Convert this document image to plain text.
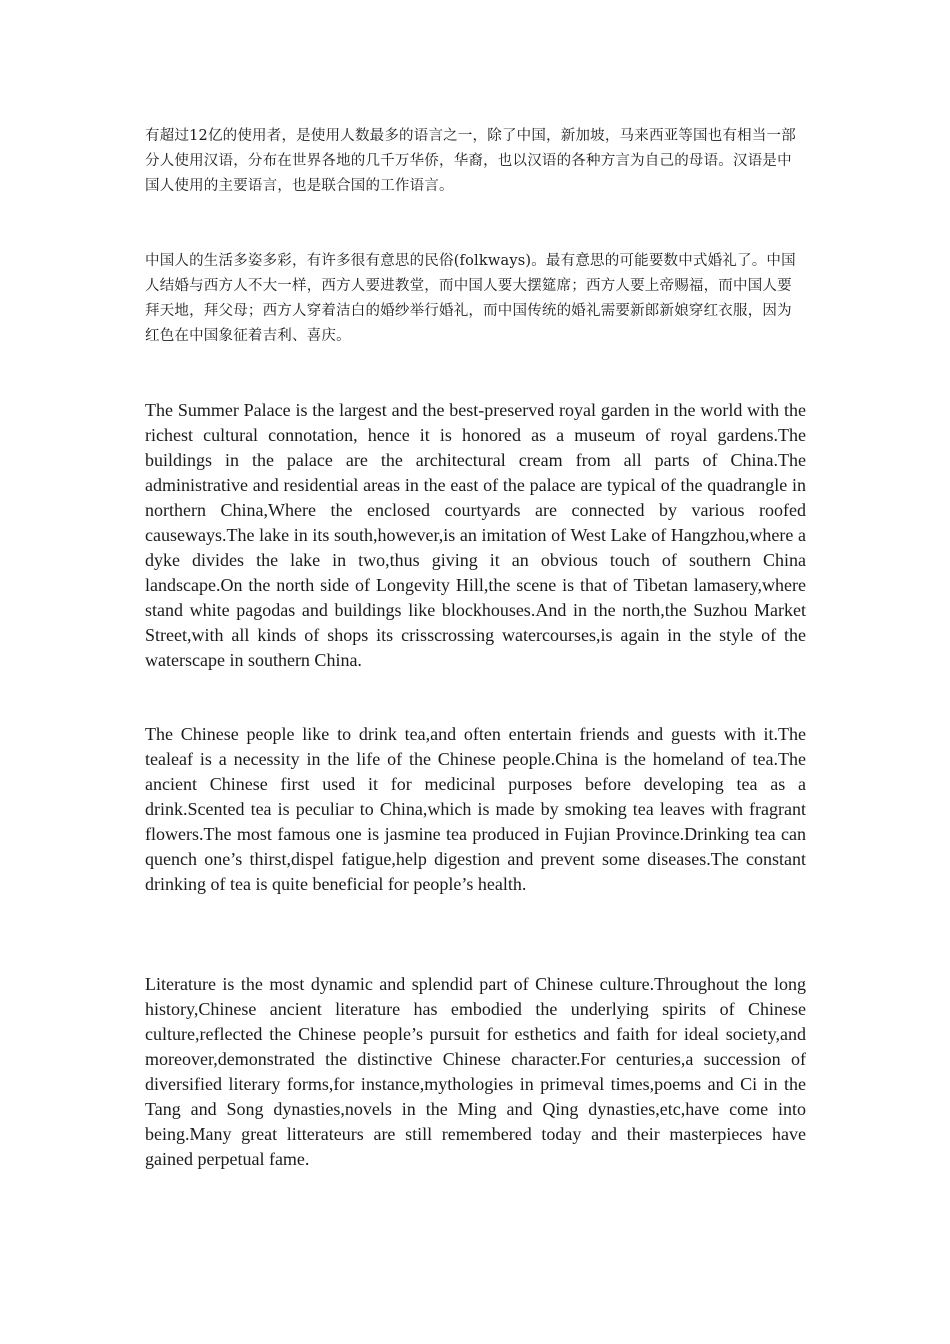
有超过12亿的使用者，是使用人数最多的语言之一，除了中国，新加坡，马来西亚等国也有相当一部分人使用汉语，分布在世界各地的几千万华侨，华裔，也以汉语的各种方言为自己的母语。汉语是中国人使用的主要语言，也是联合国的工作语言。

中国人的生活多姿多彩，有许多很有意思的民俗(folkways)。最有意思的可能要数中式婚礼了。中国人结婚与西方人不大一样，西方人要进教堂，而中国人要大摆筵席；西方人要上帝赐福，而中国人要拜天地，拜父母；西方人穿着洁白的婚纱举行婚礼，而中国传统的婚礼需要新郎新娘穿红衣服，因为红色在中国象征着吉利、喜庆。

The Summer Palace is the largest and the best-preserved royal garden in the world with the richest cultural connotation, hence it is honored as a museum of royal gardens.The buildings in the palace are the architectural cream from all parts of China.The administrative and residential areas in the east of the palace are typical of the quadrangle in northern China,Where the enclosed courtyards are connected by various roofed causeways.The lake in its south,however,is an imitation of West Lake of Hangzhou,where a dyke divides the lake in two,thus giving it an obvious touch of southern China landscape.On the north side of Longevity Hill,the scene is that of Tibetan lamasery,where stand white pagodas and buildings like blockhouses.And in the north,the Suzhou Market Street,with all kinds of shops its crisscrossing watercourses,is again in the style of the waterscape in southern China.

The Chinese people like to drink tea,and often entertain friends and guests with it.The tealeaf is a necessity in the life of the Chinese people.China is the homeland of tea.The ancient Chinese first used it for medicinal purposes before developing tea as a drink.Scented tea is peculiar to China,which is made by smoking tea leaves with fragrant flowers.The most famous one is jasmine tea produced in Fujian Province.Drinking tea can quench one’s thirst,dispel fatigue,help digestion and prevent some diseases.The constant drinking of tea is quite beneficial for people’s health.

Literature is the most dynamic and splendid part of Chinese culture.Throughout the long history,Chinese ancient literature has embodied the underlying spirits of Chinese culture,reflected the Chinese people’s pursuit for esthetics and faith for ideal society,and moreover,demonstrated the distinctive Chinese character.For centuries,a succession of diversified literary forms,for instance,mythologies in primeval times,poems and Ci in the Tang and Song dynasties,novels in the Ming and Qing dynasties,etc,have come into being.Many great litterateurs are still remembered today and their masterpieces have gained perpetual fame.
